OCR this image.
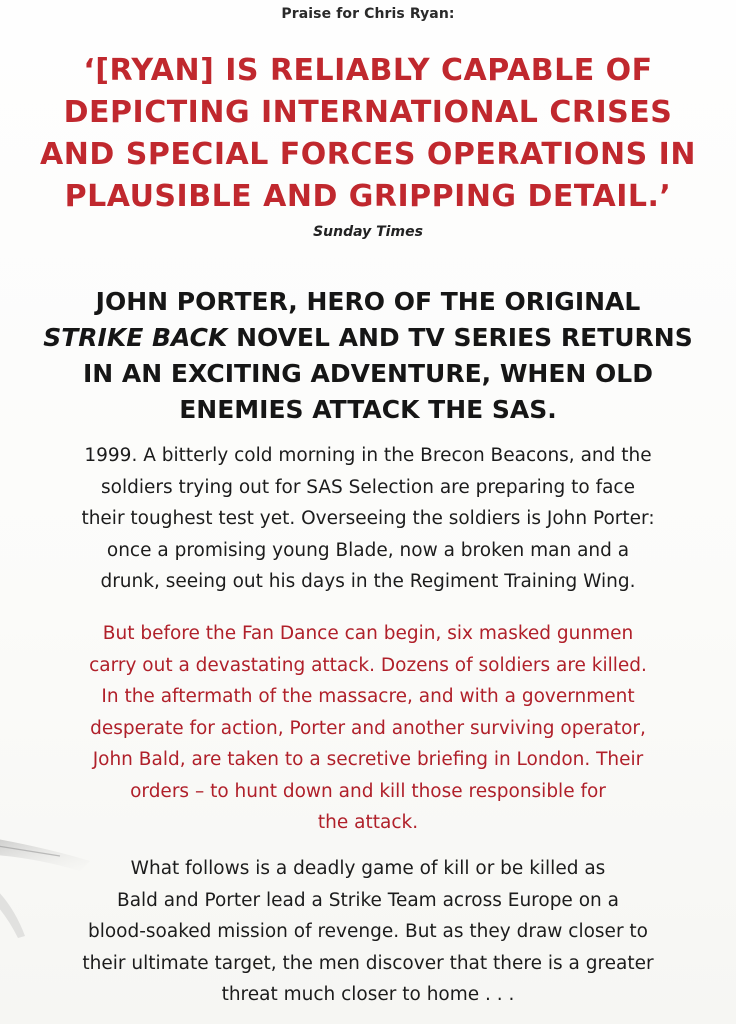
Praise for Chris Ryan:

‘[RYAN] IS RELIABLY CAPABLE OF
DEPICTING INTERNATIONAL CRISES
AND SPECIAL FORCES OPERATIONS IN
PLAUSIBLE AND GRIPPING DETAIL.’

Sunday Times

JOHN PORTER, HERO OF THE ORIGINAL
STRIKE BACK NOVEL AND TV SERIES RETURNS
IN AN EXCITING ADVENTURE, WHEN OLD
ENEMIES ATTACK THE SAS.

1999. A bitterly cold morning in the Brecon Beacons, and the
soldiers trying out for SAS Selection are preparing to face
their toughest test yet. Overseeing the soldiers is John Porter:
once a promising young Blade, now a broken man and a
drunk, seeing out his days in the Regiment Training Wing.

But before the Fan Dance can begin, six masked gunmen
carry out a devastating attack. Dozens of soldiers are killed.
In the aftermath of the massacre, and with a government
desperate for action, Porter and another surviving operator,
John Bald, are taken to a secretive briefing in London. Their
orders – to hunt down and kill those responsible for
the attack.

What follows is a deadly game of kill or be killed as
Bald and Porter lead a Strike Team across Europe on a
blood-soaked mission of revenge. But as they draw closer to
their ultimate target, the men discover that there is a greater
threat much closer to home . . .
